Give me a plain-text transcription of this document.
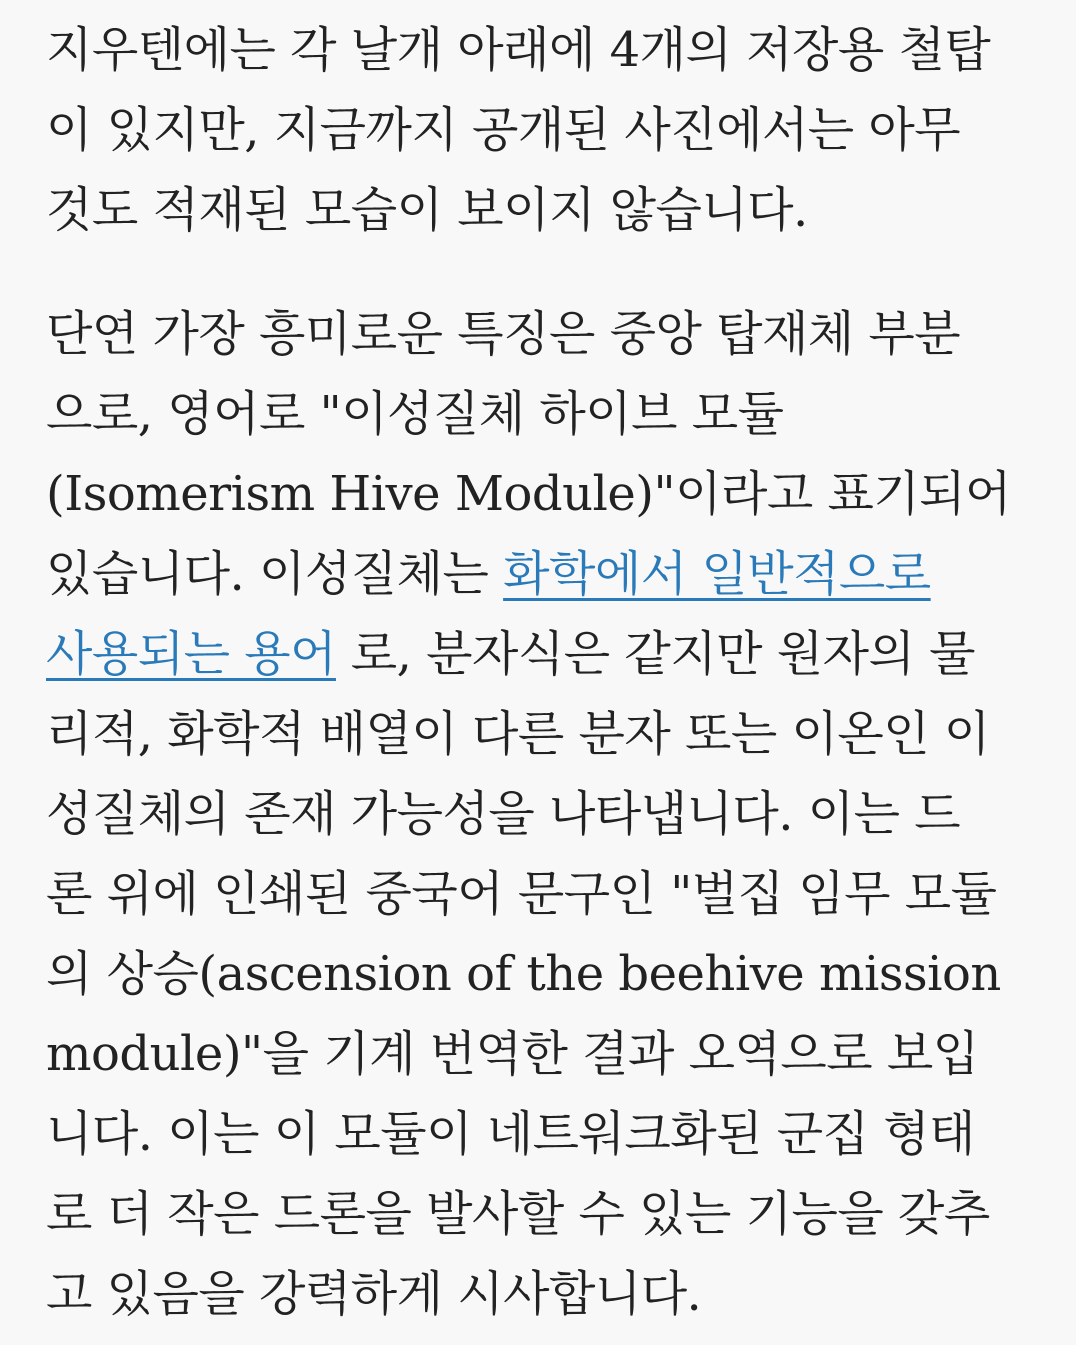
지우텐에는 각 날개 아래에 4개의 저장용 철탑
이 있지만, 지금까지 공개된 사진에서는 아무
것도 적재된 모습이 보이지 않습니다.

단연 가장 흥미로운 특징은 중앙 탑재체 부분
으로, 영어로 "이성질체 하이브 모듈
(Isomerism Hive Module)"이라고 표기되어
있습니다. 이성질체는 화학에서 일반적으로
사용되는 용어 로, 분자식은 같지만 원자의 물
리적, 화학적 배열이 다른 분자 또는 이온인 이
성질체의 존재 가능성을 나타냅니다. 이는 드
론 위에 인쇄된 중국어 문구인 "벌집 임무 모듈
의 상승(ascension of the beehive mission
module)"을 기계 번역한 결과 오역으로 보입
니다. 이는 이 모듈이 네트워크화된 군집 형태
로 더 작은 드론을 발사할 수 있는 기능을 갖추
고 있음을 강력하게 시사합니다.
